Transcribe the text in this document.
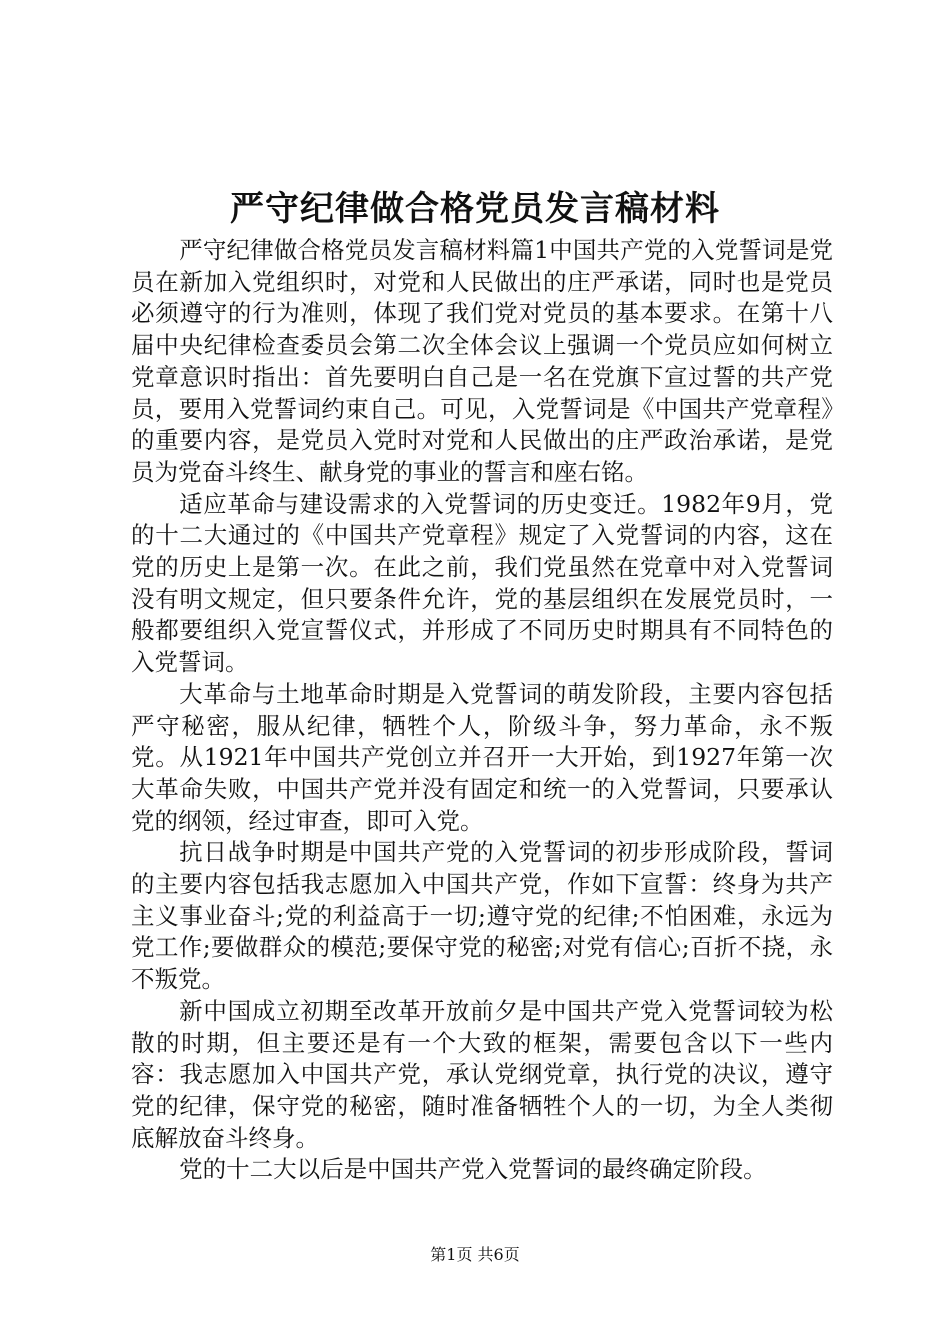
严守纪律做合格党员发言稿材料

严守纪律做合格党员发言稿材料篇1中国共产党的入党誓词是党员在新加入党组织时，对党和人民做出的庄严承诺，同时也是党员必须遵守的行为准则，体现了我们党对党员的基本要求。在第十八届中央纪律检查委员会第二次全体会议上强调一个党员应如何树立党章意识时指出：首先要明白自己是一名在党旗下宣过誓的共产党员，要用入党誓词约束自己。可见，入党誓词是《中国共产党章程》的重要内容，是党员入党时对党和人民做出的庄严政治承诺，是党员为党奋斗终生、献身党的事业的誓言和座右铭。

适应革命与建设需求的入党誓词的历史变迁。1982年9月，党的十二大通过的《中国共产党章程》规定了入党誓词的内容，这在党的历史上是第一次。在此之前，我们党虽然在党章中对入党誓词没有明文规定，但只要条件允许，党的基层组织在发展党员时，一般都要组织入党宣誓仪式，并形成了不同历史时期具有不同特色的入党誓词。

大革命与土地革命时期是入党誓词的萌发阶段，主要内容包括严守秘密，服从纪律，牺牲个人，阶级斗争，努力革命，永不叛党。从1921年中国共产党创立并召开一大开始，到1927年第一次大革命失败，中国共产党并没有固定和统一的入党誓词，只要承认党的纲领，经过审查，即可入党。

抗日战争时期是中国共产党的入党誓词的初步形成阶段，誓词的主要内容包括我志愿加入中国共产党，作如下宣誓：终身为共产主义事业奋斗;党的利益高于一切;遵守党的纪律;不怕困难，永远为党工作;要做群众的模范;要保守党的秘密;对党有信心;百折不挠，永不叛党。

新中国成立初期至改革开放前夕是中国共产党入党誓词较为松散的时期，但主要还是有一个大致的框架，需要包含以下一些内容：我志愿加入中国共产党，承认党纲党章，执行党的决议，遵守党的纪律，保守党的秘密，随时准备牺牲个人的一切，为全人类彻底解放奋斗终身。

党的十二大以后是中国共产党入党誓词的最终确定阶段。

第1页 共6页
